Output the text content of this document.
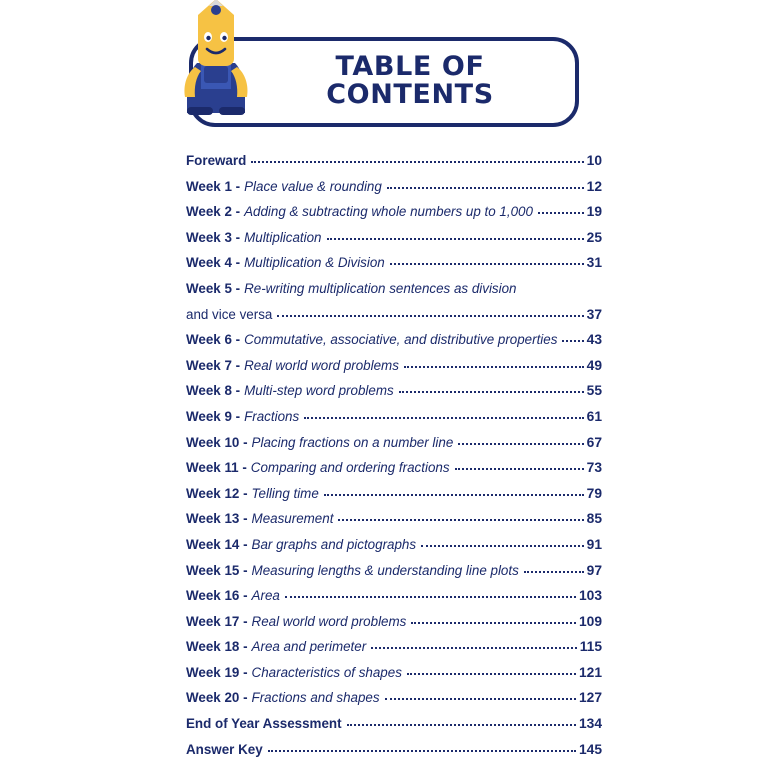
TABLE OF
CONTENTS
Foreward	10
Week 1 - Place value & rounding	12
Week 2 - Adding & subtracting whole numbers up to 1,000	19
Week 3 - Multiplication	25
Week 4 - Multiplication & Division	31
Week 5 - Re-writing multiplication sentences as division
and vice versa	37
Week 6 - Commutative, associative, and distributive properties 43
Week 7 - Real world word problems	49
Week 8 - Multi-step word problems	55
Week 9 - Fractions	61
Week 10 - Placing fractions on a number line	67
Week 11 - Comparing and ordering fractions	73
Week 12 - Telling time	79
Week 13 - Measurement	85
Week 14 - Bar graphs and pictographs	91
Week 15 - Measuring lengths & understanding line plots	97
Week 16 - Area	103
Week 17 - Real world word problems	109
Week 18 - Area and perimeter	115
Week 19 - Characteristics of shapes	121
Week 20 - Fractions and shapes	127
End of Year Assessment	134
Answer Key	145
